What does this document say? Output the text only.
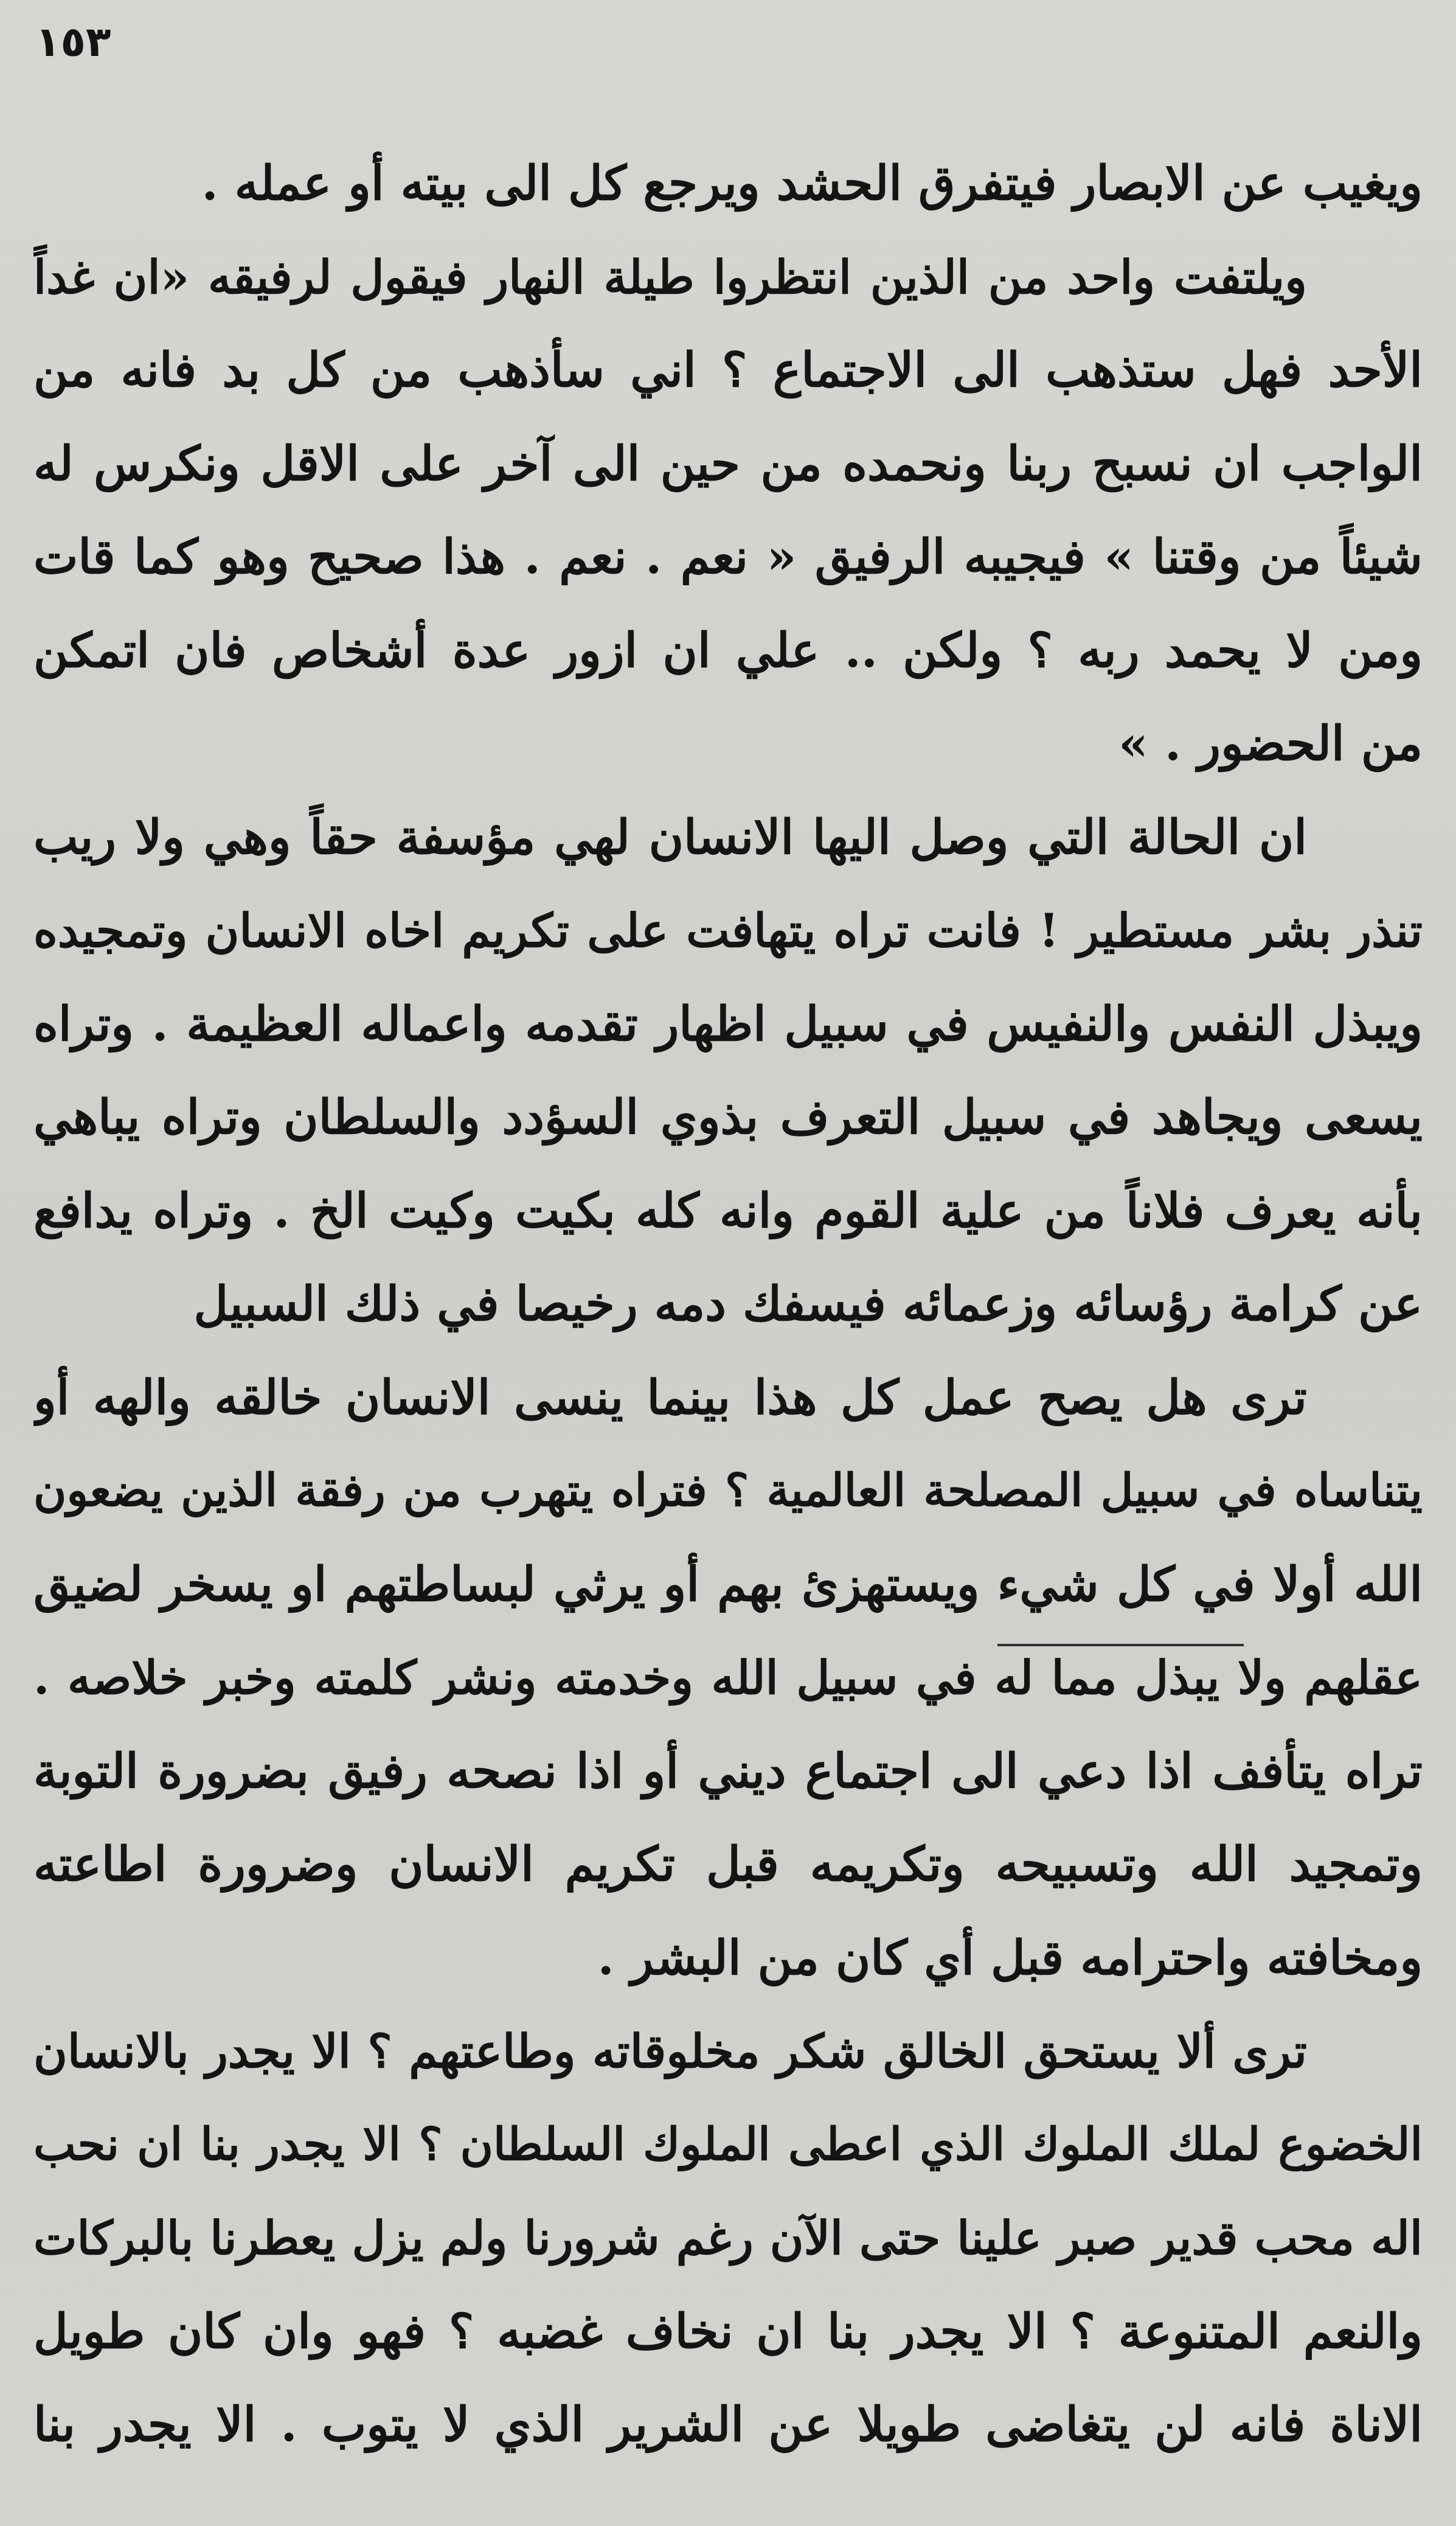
١٥٣
ويغيب عن الابصار فيتفرق الحشد ويرجع كل الى بيته أو عمله .
ويلتفت واحد من الذين انتظروا طيلة النهار فيقول لرفيقه «ان غداً
الأحد فهل ستذهب الى الاجتماع ؟ اني سأذهب من كل بد فانه من
الواجب ان نسبح ربنا ونحمده من حين الى آخر على الاقل ونكرس له
شيئاً من وقتنا » فيجيبه الرفيق « نعم . نعم . هذا صحيح وهو كما قات
ومن لا يحمد ربه ؟ ولكن .. علي ان ازور عدة أشخاص فان اتمكن
من الحضور . »
ان الحالة التي وصل اليها الانسان لهي مؤسفة حقاً وهي ولا ريب
تنذر بشر مستطير ! فانت تراه يتهافت على تكريم اخاه الانسان وتمجيده
ويبذل النفس والنفيس في سبيل اظهار تقدمه واعماله العظيمة . وتراه
يسعى ويجاهد في سبيل التعرف بذوي السؤدد والسلطان وتراه يباهي
بأنه يعرف فلاناً من علية القوم وانه كله بكيت وكيت الخ . وتراه يدافع
عن كرامة رؤسائه وزعمائه فيسفك دمه رخيصا في ذلك السبيل
ترى هل يصح عمل كل هذا بينما ينسى الانسان خالقه والهه أو
يتناساه في سبيل المصلحة العالمية ؟ فتراه يتهرب من رفقة الذين يضعون
الله أولا في كل شيء ويستهزئ بهم أو يرثي لبساطتهم او يسخر لضيق
عقلهم ولا يبذل مما له في سبيل الله وخدمته ونشر كلمته وخبر خلاصه .
تراه يتأفف اذا دعي الى اجتماع ديني أو اذا نصحه رفيق بضرورة التوبة
وتمجيد الله وتسبيحه وتكريمه قبل تكريم الانسان وضرورة اطاعته
ومخافته واحترامه قبل أي كان من البشر .
ترى ألا يستحق الخالق شكر مخلوقاته وطاعتهم ؟ الا يجدر بالانسان
الخضوع لملك الملوك الذي اعطى الملوك السلطان ؟ الا يجدر بنا ان نحب
اله محب قدير صبر علينا حتى الآن رغم شرورنا ولم يزل يعطرنا بالبركات
والنعم المتنوعة ؟ الا يجدر بنا ان نخاف غضبه ؟ فهو وان كان طويل
الاناة فانه لن يتغاضى طويلا عن الشرير الذي لا يتوب . الا يجدر بنا
